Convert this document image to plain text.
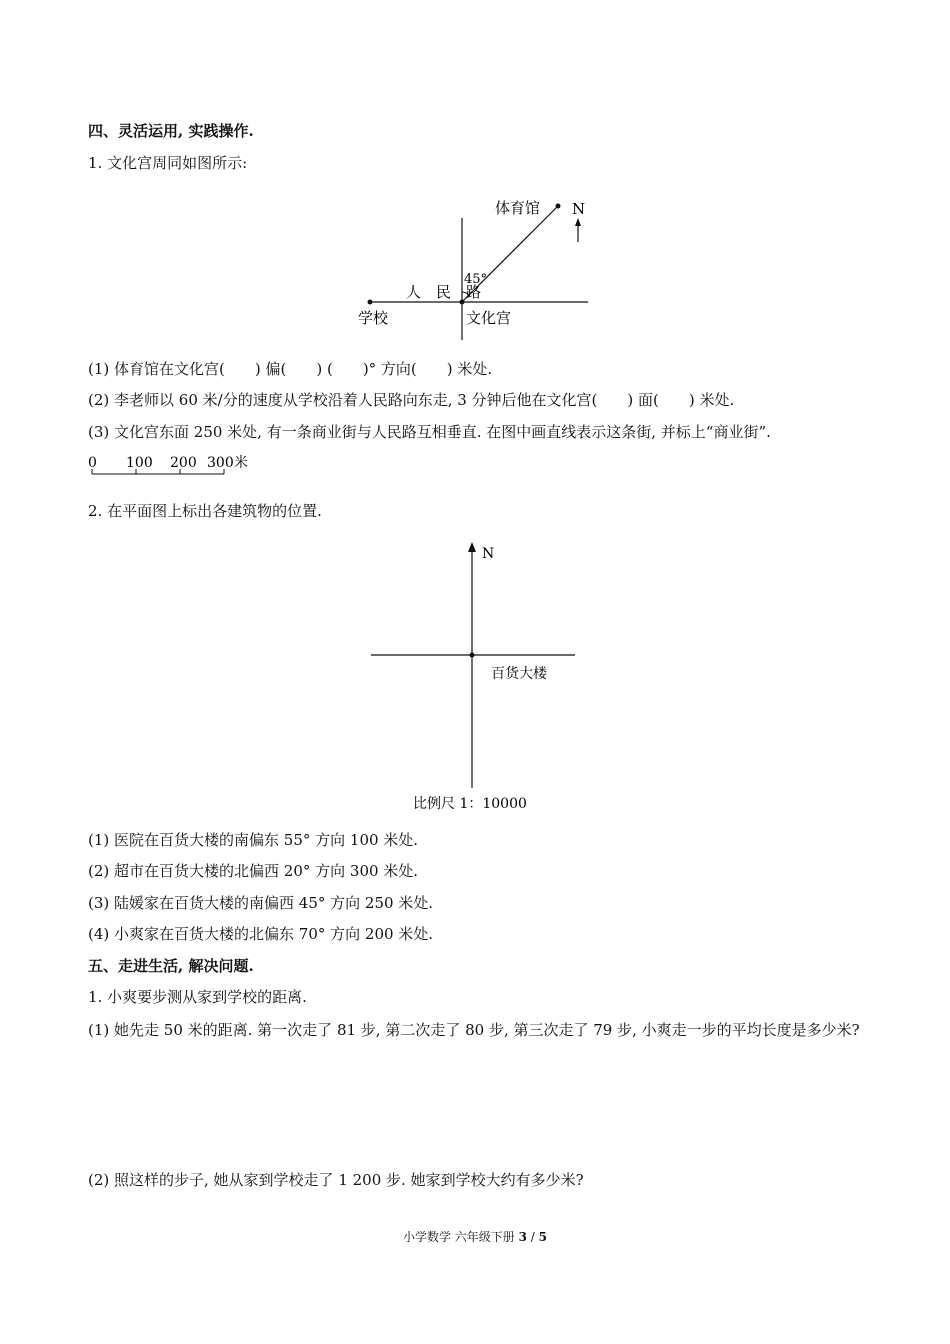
四、灵活运用, 实践操作.
1. 文化宫周同如图所示:
体育馆 N
45°
人　民　路
学校	文化宫
(1) 体育馆在文化宫(　　) 偏(　　) (　　)° 方向(　　) 米处.
(2) 李老师以 60 米/分的速度从学校沿着人民路向东走, 3 分钟后他在文化宫(　　) 面(　　) 米处.
(3) 文化宫东面 250 米处, 有一条商业街与人民路互相垂直. 在图中画直线表示这条街, 并标上“商业街”.
0 100 200 300 米
2. 在平面图上标出各建筑物的位置.
N
百货大楼
比例尺 1：10000
(1) 医院在百货大楼的南偏东 55° 方向 100 米处.
(2) 超市在百货大楼的北偏西 20° 方向 300 米处.
(3) 陆媛家在百货大楼的南偏西 45° 方向 250 米处.
(4) 小爽家在百货大楼的北偏东 70° 方向 200 米处.
五、走进生活, 解决问题.
1. 小爽要步测从家到学校的距离.
(1) 她先走 50 米的距离. 第一次走了 81 步, 第二次走了 80 步, 第三次走了 79 步, 小爽走一步的平均长度是多少米?
(2) 照这样的步子, 她从家到学校走了 1 200 步. 她家到学校大约有多少米?
小学数学 六年级下册 3 / 5
